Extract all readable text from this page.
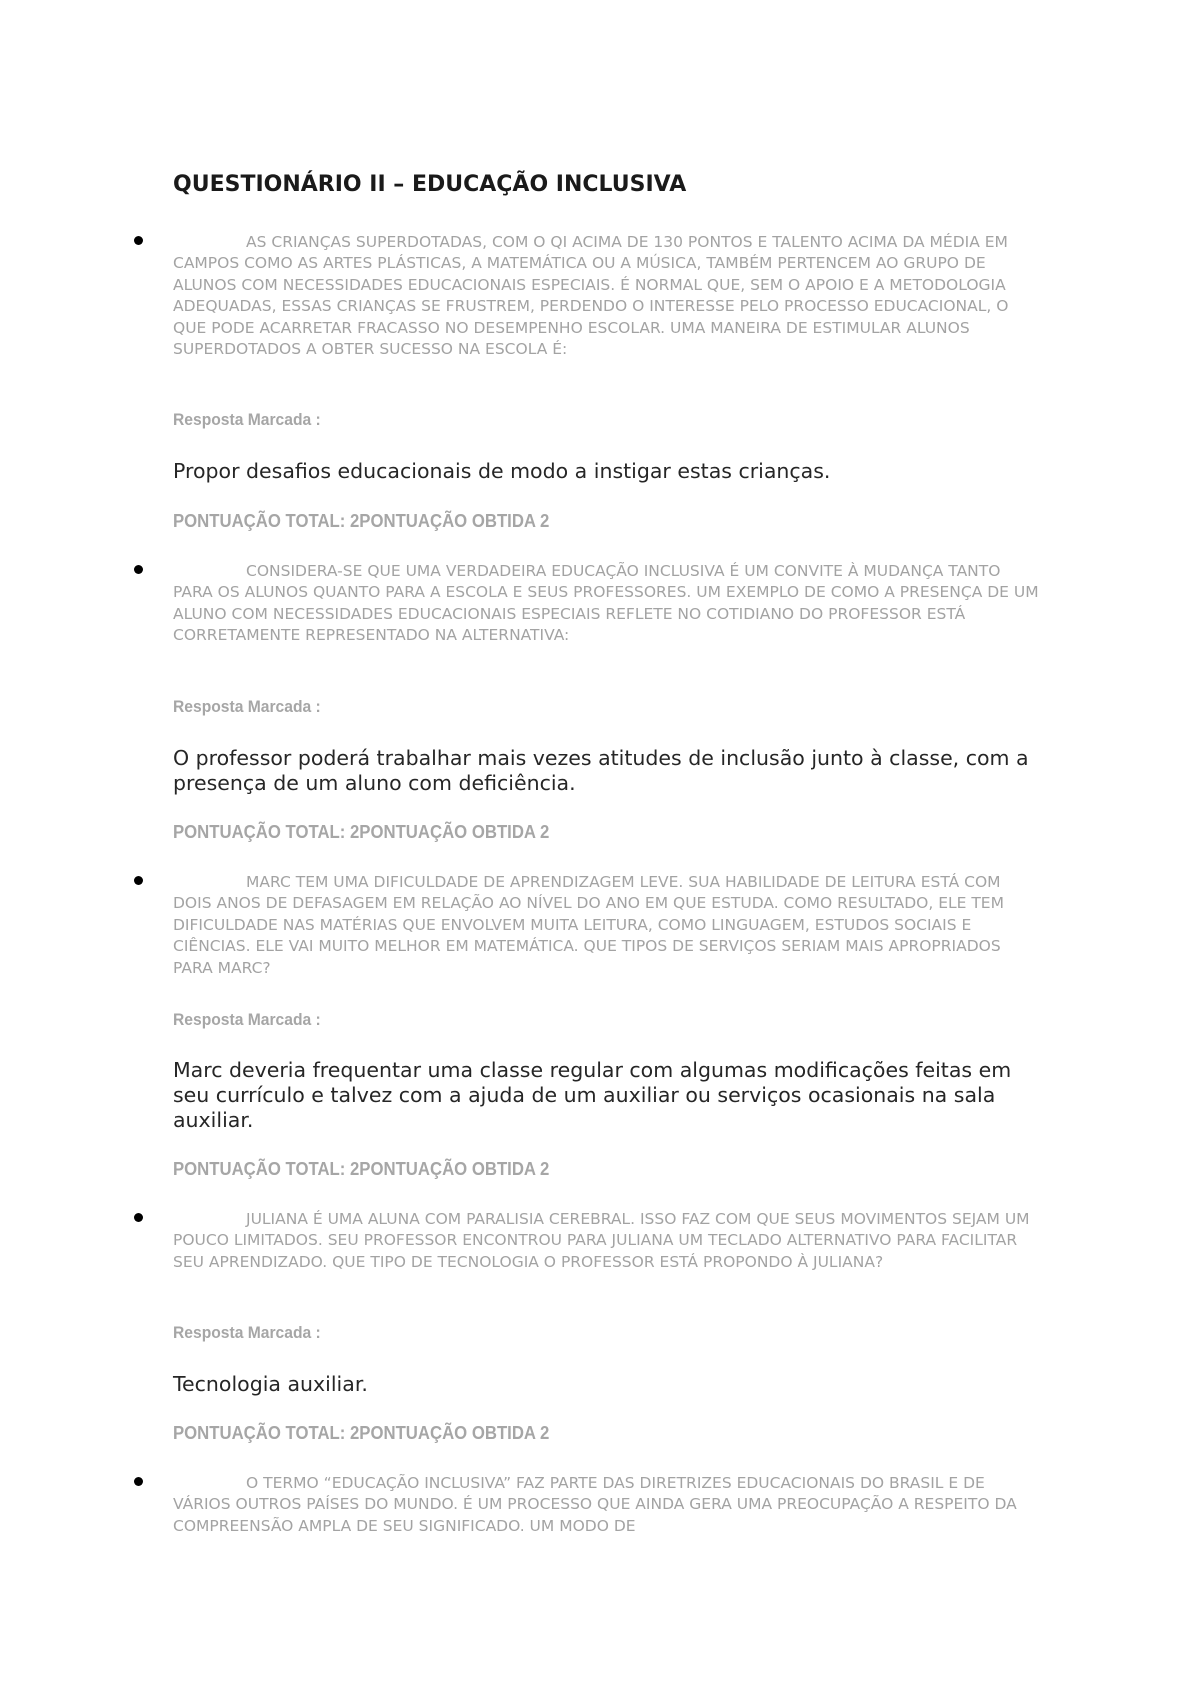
QUESTIONÁRIO II – EDUCAÇÃO INCLUSIVA

AS CRIANÇAS SUPERDOTADAS, COM O QI ACIMA DE 130 PONTOS E TALENTO ACIMA DA MÉDIA EM CAMPOS COMO AS ARTES PLÁSTICAS, A MATEMÁTICA OU A MÚSICA, TAMBÉM PERTENCEM AO GRUPO DE ALUNOS COM NECESSIDADES EDUCACIONAIS ESPECIAIS. É NORMAL QUE, SEM O APOIO E A METODOLOGIA ADEQUADAS, ESSAS CRIANÇAS SE FRUSTREM, PERDENDO O INTERESSE PELO PROCESSO EDUCACIONAL, O QUE PODE ACARRETAR FRACASSO NO DESEMPENHO ESCOLAR. UMA MANEIRA DE ESTIMULAR ALUNOS SUPERDOTADOS A OBTER SUCESSO NA ESCOLA É:

Resposta Marcada :

Propor desafios educacionais de modo a instigar estas crianças.

PONTUAÇÃO TOTAL: 2PONTUAÇÃO OBTIDA 2

CONSIDERA-SE QUE UMA VERDADEIRA EDUCAÇÃO INCLUSIVA É UM CONVITE À MUDANÇA TANTO PARA OS ALUNOS QUANTO PARA A ESCOLA E SEUS PROFESSORES. UM EXEMPLO DE COMO A PRESENÇA DE UM ALUNO COM NECESSIDADES EDUCACIONAIS ESPECIAIS REFLETE NO COTIDIANO DO PROFESSOR ESTÁ CORRETAMENTE REPRESENTADO NA ALTERNATIVA:

Resposta Marcada :

O professor poderá trabalhar mais vezes atitudes de inclusão junto à classe, com a presença de um aluno com deficiência.

PONTUAÇÃO TOTAL: 2PONTUAÇÃO OBTIDA 2

MARC TEM UMA DIFICULDADE DE APRENDIZAGEM LEVE. SUA HABILIDADE DE LEITURA ESTÁ COM DOIS ANOS DE DEFASAGEM EM RELAÇÃO AO NÍVEL DO ANO EM QUE ESTUDA. COMO RESULTADO, ELE TEM DIFICULDADE NAS MATÉRIAS QUE ENVOLVEM MUITA LEITURA, COMO LINGUAGEM, ESTUDOS SOCIAIS E CIÊNCIAS. ELE VAI MUITO MELHOR EM MATEMÁTICA. QUE TIPOS DE SERVIÇOS SERIAM MAIS APROPRIADOS PARA MARC?

Resposta Marcada :

Marc deveria frequentar uma classe regular com algumas modificações feitas em seu currículo e talvez com a ajuda de um auxiliar ou serviços ocasionais na sala auxiliar.

PONTUAÇÃO TOTAL: 2PONTUAÇÃO OBTIDA 2

JULIANA É UMA ALUNA COM PARALISIA CEREBRAL. ISSO FAZ COM QUE SEUS MOVIMENTOS SEJAM UM POUCO LIMITADOS. SEU PROFESSOR ENCONTROU PARA JULIANA UM TECLADO ALTERNATIVO PARA FACILITAR SEU APRENDIZADO. QUE TIPO DE TECNOLOGIA O PROFESSOR ESTÁ PROPONDO À JULIANA?

Resposta Marcada :

Tecnologia auxiliar.

PONTUAÇÃO TOTAL: 2PONTUAÇÃO OBTIDA 2

O TERMO “EDUCAÇÃO INCLUSIVA” FAZ PARTE DAS DIRETRIZES EDUCACIONAIS DO BRASIL E DE VÁRIOS OUTROS PAÍSES DO MUNDO. É UM PROCESSO QUE AINDA GERA UMA PREOCUPAÇÃO A RESPEITO DA COMPREENSÃO AMPLA DE SEU SIGNIFICADO. UM MODO DE
